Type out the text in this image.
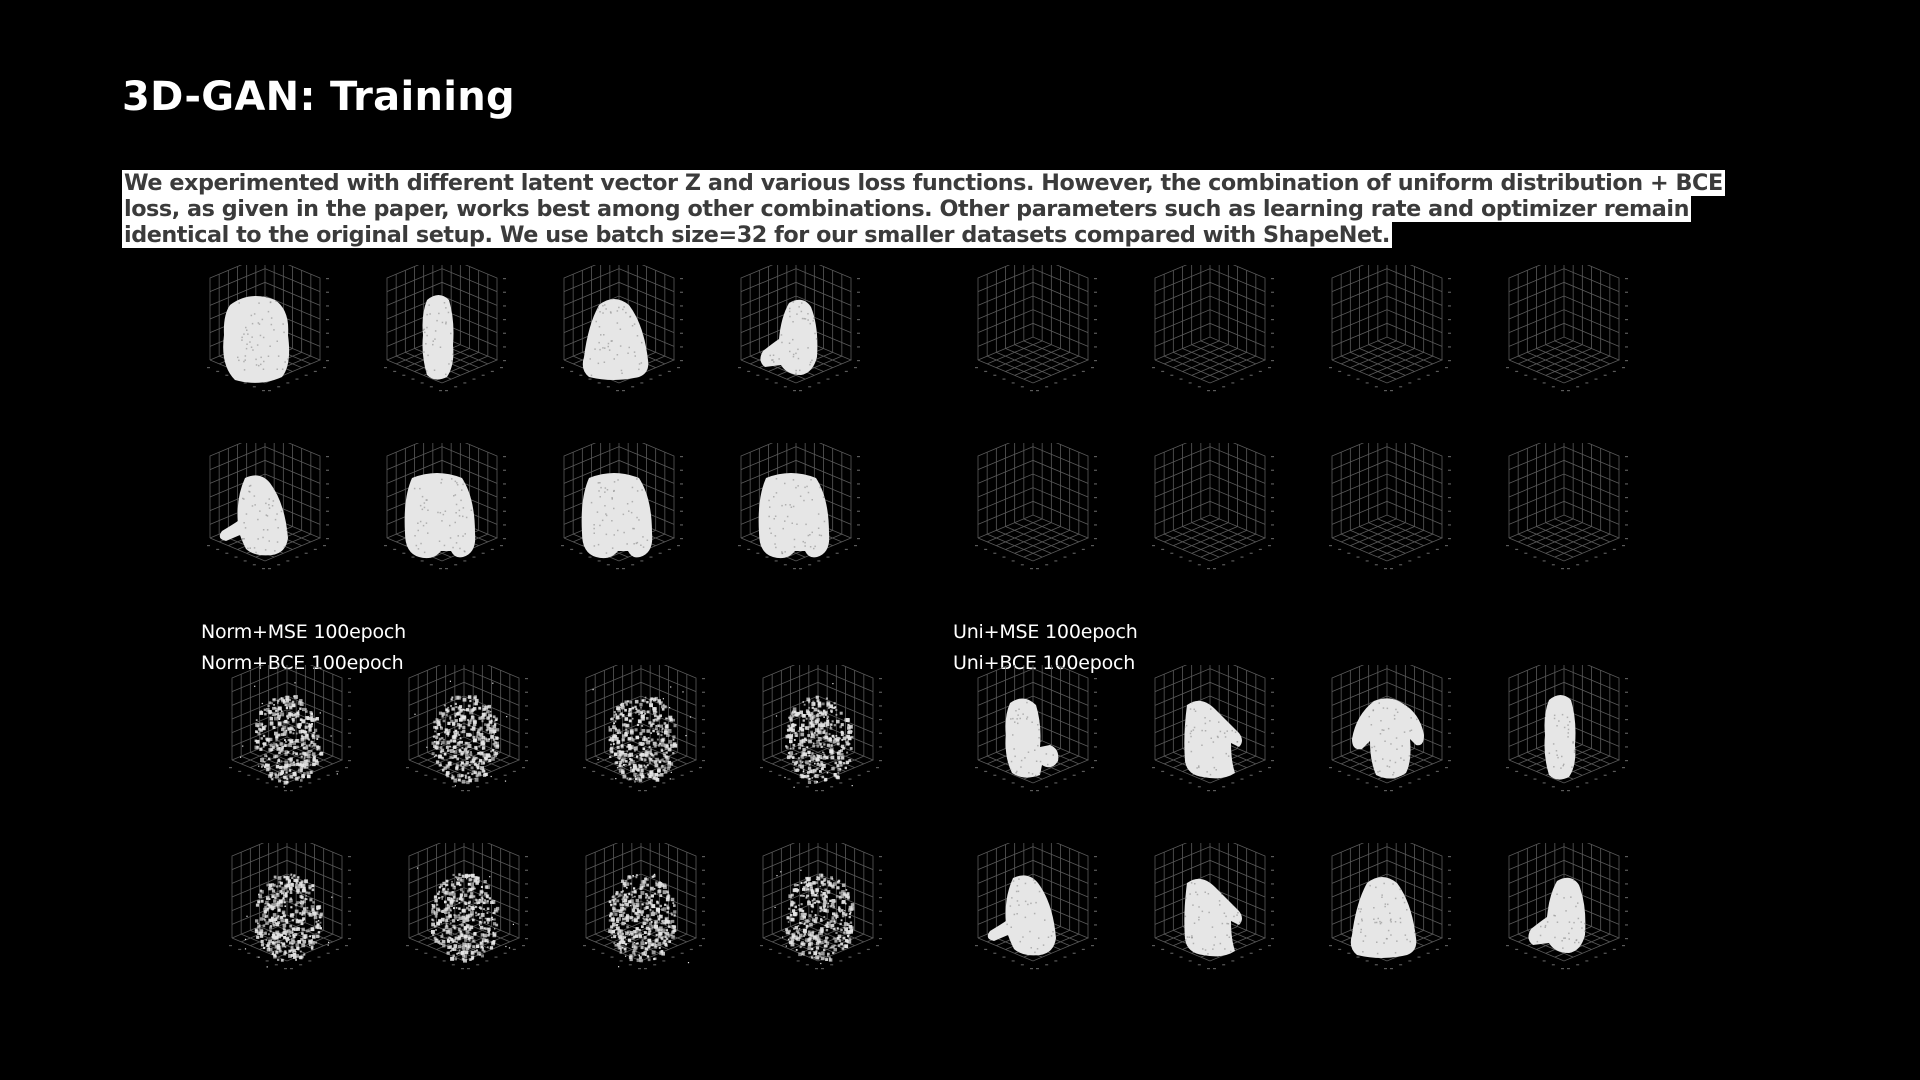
3D-GAN: Training
We experimented with different latent vector Z and various loss functions. However, the combination of uniform distribution + BCE loss, as given in the paper, works best among other combinations. Other parameters such as learning rate and optimizer remain identical to the original setup. We use batch size=32 for our smaller datasets compared with ShapeNet.
Norm+MSE 100epoch	Uni+MSE 100epoch
Norm+BCE 100epoch	Uni+BCE 100epoch
